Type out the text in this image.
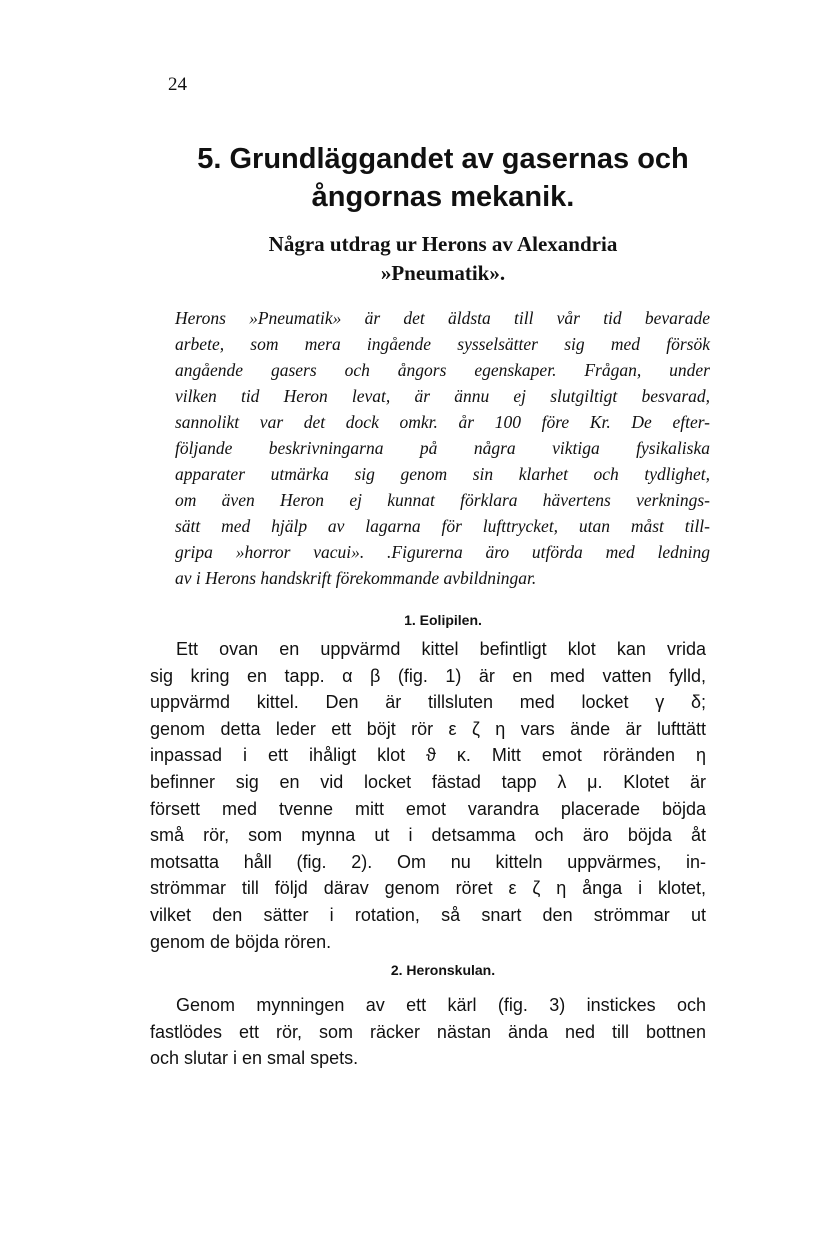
24
5. Grundläggandet av gasernas och
ångornas mekanik.
Några utdrag ur Herons av Alexandria
»Pneumatik».

Herons »Pneumatik» är det äldsta till vår tid bevarade
arbete, som mera ingående sysselsätter sig med försök
angående gasers och ångors egenskaper. Frågan, under
vilken tid Heron levat, är ännu ej slutgiltigt besvarad,
sannolikt var det dock omkr. år 100 före Kr. De efter-
följande beskrivningarna på några viktiga fysikaliska
apparater utmärka sig genom sin klarhet och tydlighet,
om även Heron ej kunnat förklara hävertens verknings-
sätt med hjälp av lagarna för lufttrycket, utan måst till-
gripa »horror vacui». .Figurerna äro utförda med ledning
av i Herons handskrift förekommande avbildningar.

1. Eolipilen.

Ett ovan en uppvärmd kittel befintligt klot kan vrida
sig kring en tapp. α β (fig. 1) är en med vatten fylld,
uppvärmd kittel. Den är tillsluten med locket γ δ;
genom detta leder ett böjt rör ε ζ η vars ände är lufttätt
inpassad i ett ihåligt klot ϑ κ. Mitt emot röränden η
befinner sig en vid locket fästad tapp λ μ. Klotet är
försett med tvenne mitt emot varandra placerade böjda
små rör, som mynna ut i detsamma och äro böjda åt
motsatta håll (fig. 2). Om nu kitteln uppvärmes, in-
strömmar till följd därav genom röret ε ζ η ånga i klotet,
vilket den sätter i rotation, så snart den strömmar ut
genom de böjda rören.

2. Heronskulan.

Genom mynningen av ett kärl (fig. 3) instickes och
fastlödes ett rör, som räcker nästan ända ned till bottnen
och slutar i en smal spets.
